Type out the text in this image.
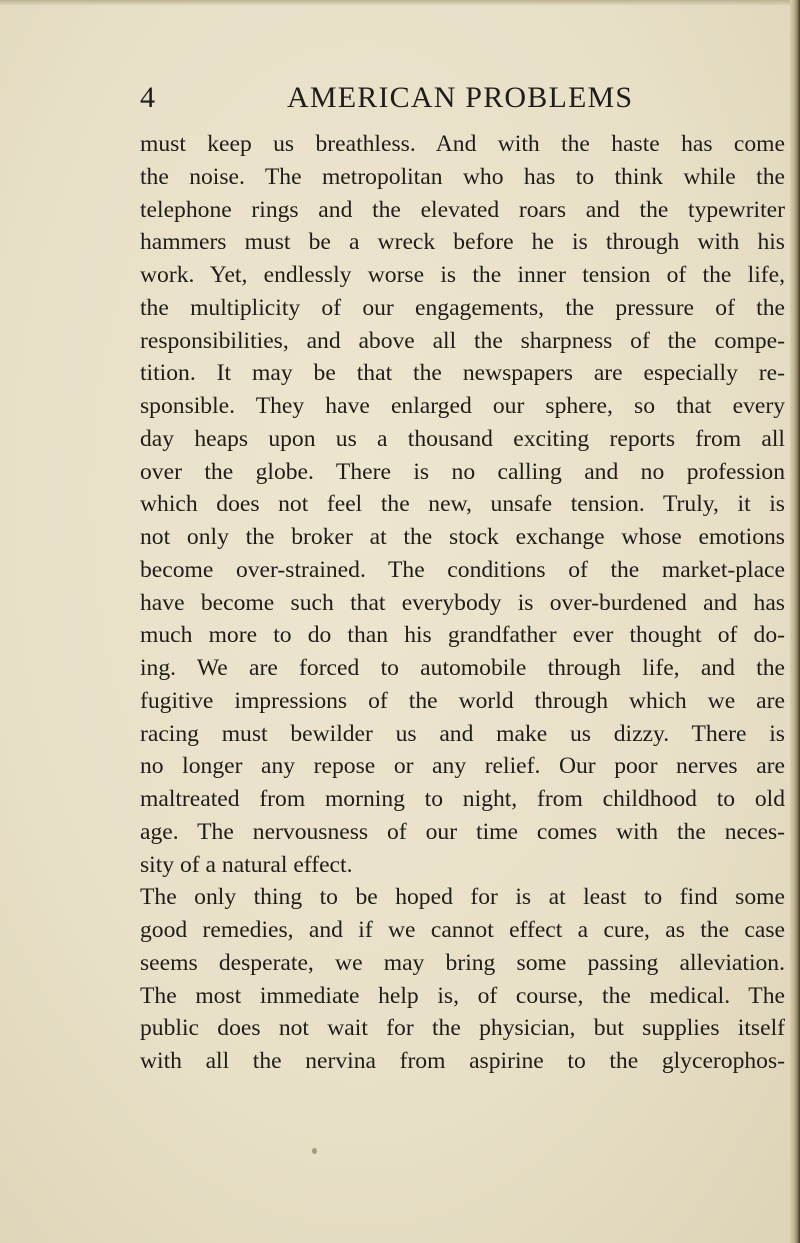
4	AMERICAN PROBLEMS
must keep us breathless. And with the haste has come
the noise. The metropolitan who has to think while the
telephone rings and the elevated roars and the typewriter
hammers must be a wreck before he is through with his
work. Yet, endlessly worse is the inner tension of the life,
the multiplicity of our engagements, the pressure of the
responsibilities, and above all the sharpness of the compe-
tition. It may be that the newspapers are especially re-
sponsible. They have enlarged our sphere, so that every
day heaps upon us a thousand exciting reports from all
over the globe. There is no calling and no profession
which does not feel the new, unsafe tension. Truly, it is
not only the broker at the stock exchange whose emotions
become over-strained. The conditions of the market-place
have become such that everybody is over-burdened and has
much more to do than his grandfather ever thought of do-
ing. We are forced to automobile through life, and the
fugitive impressions of the world through which we are
racing must bewilder us and make us dizzy. There is
no longer any repose or any relief. Our poor nerves are
maltreated from morning to night, from childhood to old
age. The nervousness of our time comes with the neces-
sity of a natural effect.
The only thing to be hoped for is at least to find some
good remedies, and if we cannot effect a cure, as the case
seems desperate, we may bring some passing alleviation.
The most immediate help is, of course, the medical. The
public does not wait for the physician, but supplies itself
with all the nervina from aspirine to the glycerophos-
